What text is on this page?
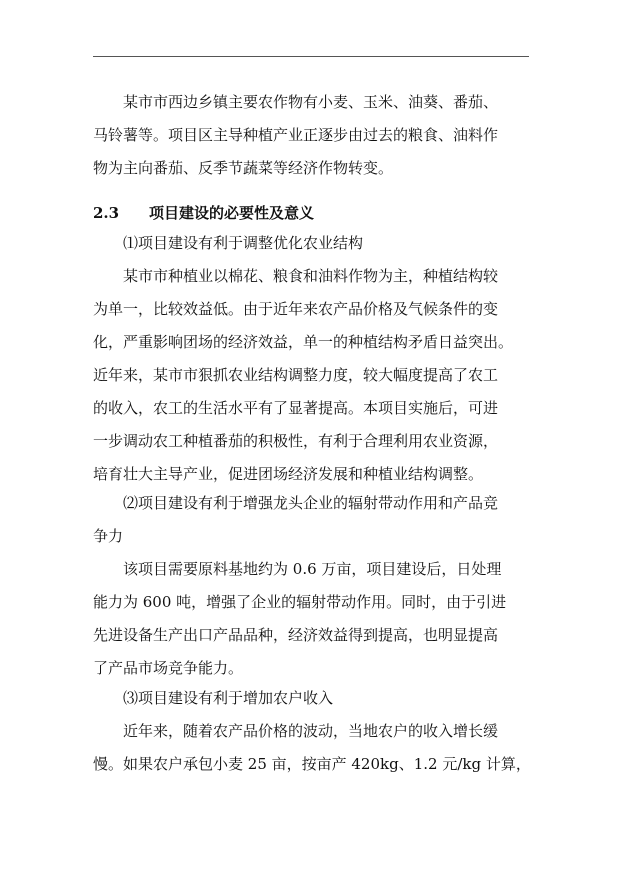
某市市西边乡镇主要农作物有小麦、玉米、油葵、番茄、
马铃薯等。项目区主导种植产业正逐步由过去的粮食、油料作
物为主向番茄、反季节蔬菜等经济作物转变。
2.3 项目建设的必要性及意义
⑴项目建设有利于调整优化农业结构
某市市种植业以棉花、粮食和油料作物为主，种植结构较
为单一，比较效益低。由于近年来农产品价格及气候条件的变
化，严重影响团场的经济效益，单一的种植结构矛盾日益突出。
近年来，某市市狠抓农业结构调整力度，较大幅度提高了农工
的收入，农工的生活水平有了显著提高。本项目实施后，可进
一步调动农工种植番茄的积极性，有利于合理利用农业资源，
培育壮大主导产业，促进团场经济发展和种植业结构调整。
⑵项目建设有利于增强龙头企业的辐射带动作用和产品竞
争力
该项目需要原料基地约为 0.6 万亩，项目建设后，日处理
能力为 600 吨，增强了企业的辐射带动作用。同时，由于引进
先进设备生产出口产品品种，经济效益得到提高，也明显提高
了产品市场竞争能力。
⑶项目建设有利于增加农户收入
近年来，随着农产品价格的波动，当地农户的收入增长缓
慢。如果农户承包小麦 25 亩，按亩产 420kg、1.2 元/kg 计算，
